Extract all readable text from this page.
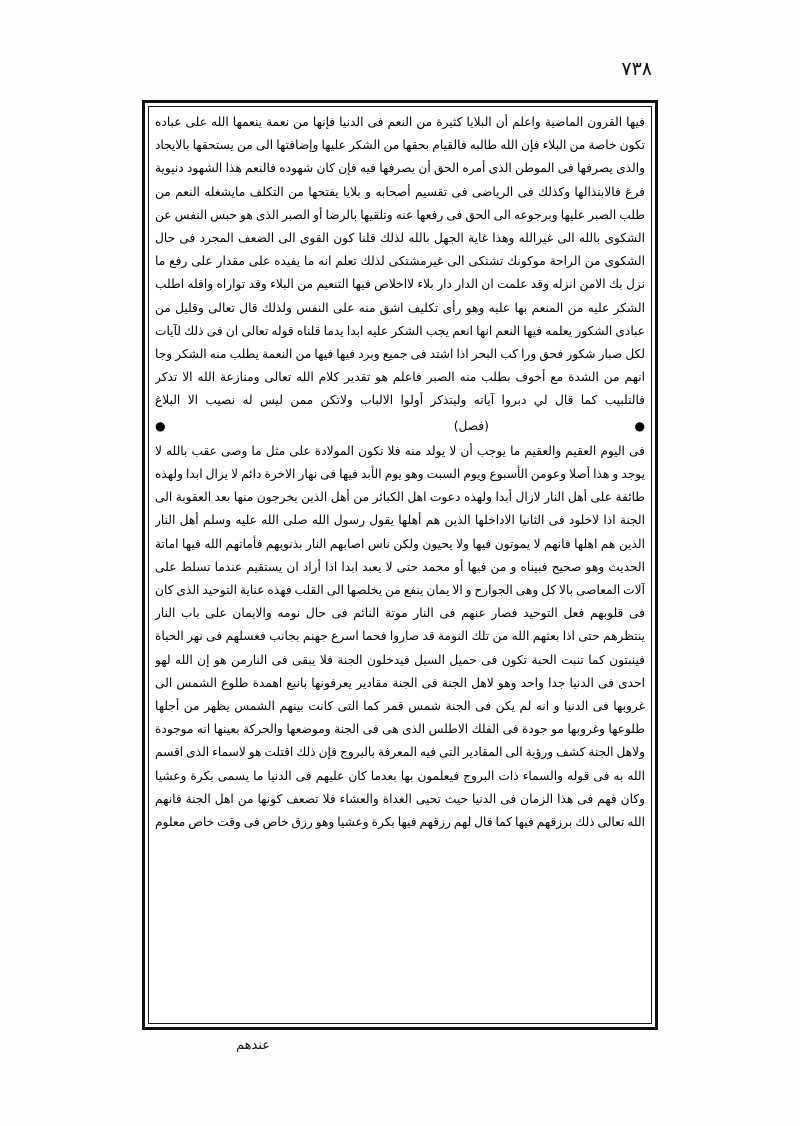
٧٣٨

فيها القرون الماضية واعلم أن البلايا كثيرة من النعم فى الدنيا فإنها من نعمة ينعمها الله على عباده تكون خاصة من البلاء فإن الله طالبه فالقيام بحقها من الشكر عليها وإضافتها الى من يستحقها بالايجاد والذى يصرفها فى الموطن الذى أمره الحق أن يصرفها فيه فإن كان شهوده فالنعم هذا الشهود دنيوية فرغ فالابتذالها وكذلك فى الرياضى فى تقسيم أصحابه و بلايا يفتحها من التكلف مايشغله النعم من طلب الصبر عليها وبرجوعه الى الحق فى رفعها عنه وتلقيها بالرضا أو الصبر الذى هو حبس النفس عن الشكوى بالله الى غيرالله وهذا غاية الجهل بالله لذلك قلنا كون القوى الى الضعف المجرد فى حال الشكوى من الراحة موكونك تشتكى الى غيرمشتكى لذلك تعلم انه ما يفيده على مقدار على رفع ما نزل بك الامن انزله وقد علمت ان الدار دار بلاء لااخلاص فيها التنعيم من البلاء وقد تواراه واقله اطلب الشكر عليه من المنعم بها عليه وهو رأى تكليف اشق منه على النفس ولذلك قال تعالى وقليل من عبادى الشكور يعلمه فيها النعم انها انعم يجب الشكر عليه ابدا يدما قلناه قوله تعالى ان فى ذلك لآيات لكل صبار شكور فحق ورا كب البحر اذا اشتد فى جميع وبرد فيها فيها من النعمة يطلب منه الشكر وجا انهم من الشدة مع أخوف بطلب منه الصبر فاعلم هو تقدير كلام الله تعالى ومنازعة الله الا تذكر فالتلبيب كما قال لي دبروا آياته وليتذكر أولوا الالباب ولاتكن ممن ليس له نصيب الا البلاغ

● (فصل) ●

فى اليوم العقيم والعقيم ما يوجب أن لا يولد منه فلا تكون المولادة على مثل ما وصى عقب بالله لا يوجد و هذا أصلا وعومن الأسبوع ويوم السبت وهو يوم الأبد فيها فى نهار الاخرة دائم لا يزال ابدا ولهذه طائفة على أهل النار لازال أبدا ولهذه دعوت اهل الكبائر من أهل الذين يخرجون منها بعد العقوبة الى الجنة اذا لاخلود فى الثانيا الاداخلها الذين هم أهلها يقول رسول الله صلى الله عليه وسلم أهل النار الذين هم اهلها فانهم لا يموتون فيها ولا يحيون ولكن ناس اصابهم النار بذنوبهم فأماتهم الله فيها اماتة الحديث وهو صحيح فبيناه و من فيها أو محمد حتى لا يعبد ابدا اذا أراد ان يستقيم عندما تسلط على آلات المعاصى بالا كل وهى الجوارح و الا يمان ينفع من يخلصها الى القلب فهذه عناية التوحيد الذى كان فى قلوبهم فعل التوحيد فصار عنهم فى النار موتة النائم فى حال نومه والايمان على باب النار ينتظرهم حتى اذا بعثهم الله من تلك النومة قد صاروا فحما اسرع جهنم بجانب فغسلهم فى نهر الحياة فينبتون كما تنبت الحبة تكون فى حميل السيل فيدخلون الجنة فلا يبقى فى النارمن هو إن الله لهو احدى فى الدنيا جدا واحد وهو لاهل الجنة فى الجنة مقادير يعرفونها بانبع اهمدة طلوع الشمس الى غروبها فى الدنيا و انه لم يكن فى الجنة شمس قمر كما التى كانت بينهم الشمس يظهر من أجلها طلوعها وغروبها مو جودة فى الفلك الاطلس الذى هى فى الجنة وموضعها والحركة بعينها انه موجودة ولاهل الجنة كشف ورؤية الى المقادير التى فيه المعرفة بالبروج فإن ذلك اقتلت هو لاسماء الذى اقسم الله به فى قوله والسماء ذات البروج فيعلمون بها بعدما كان عليهم فى الدنيا ما يسمى بكرة وعشيا وكان فهم فى هذا الزمان فى الدنيا حيث تحيى الغداة والعشاء فلا تضعف كونها من اهل الجنة فانهم الله تعالى ذلك برزقهم فيها كما قال لهم رزقهم فيها بكرة وعشيا وهو رزق خاص فى وقت خاص معلوم

عندهم
